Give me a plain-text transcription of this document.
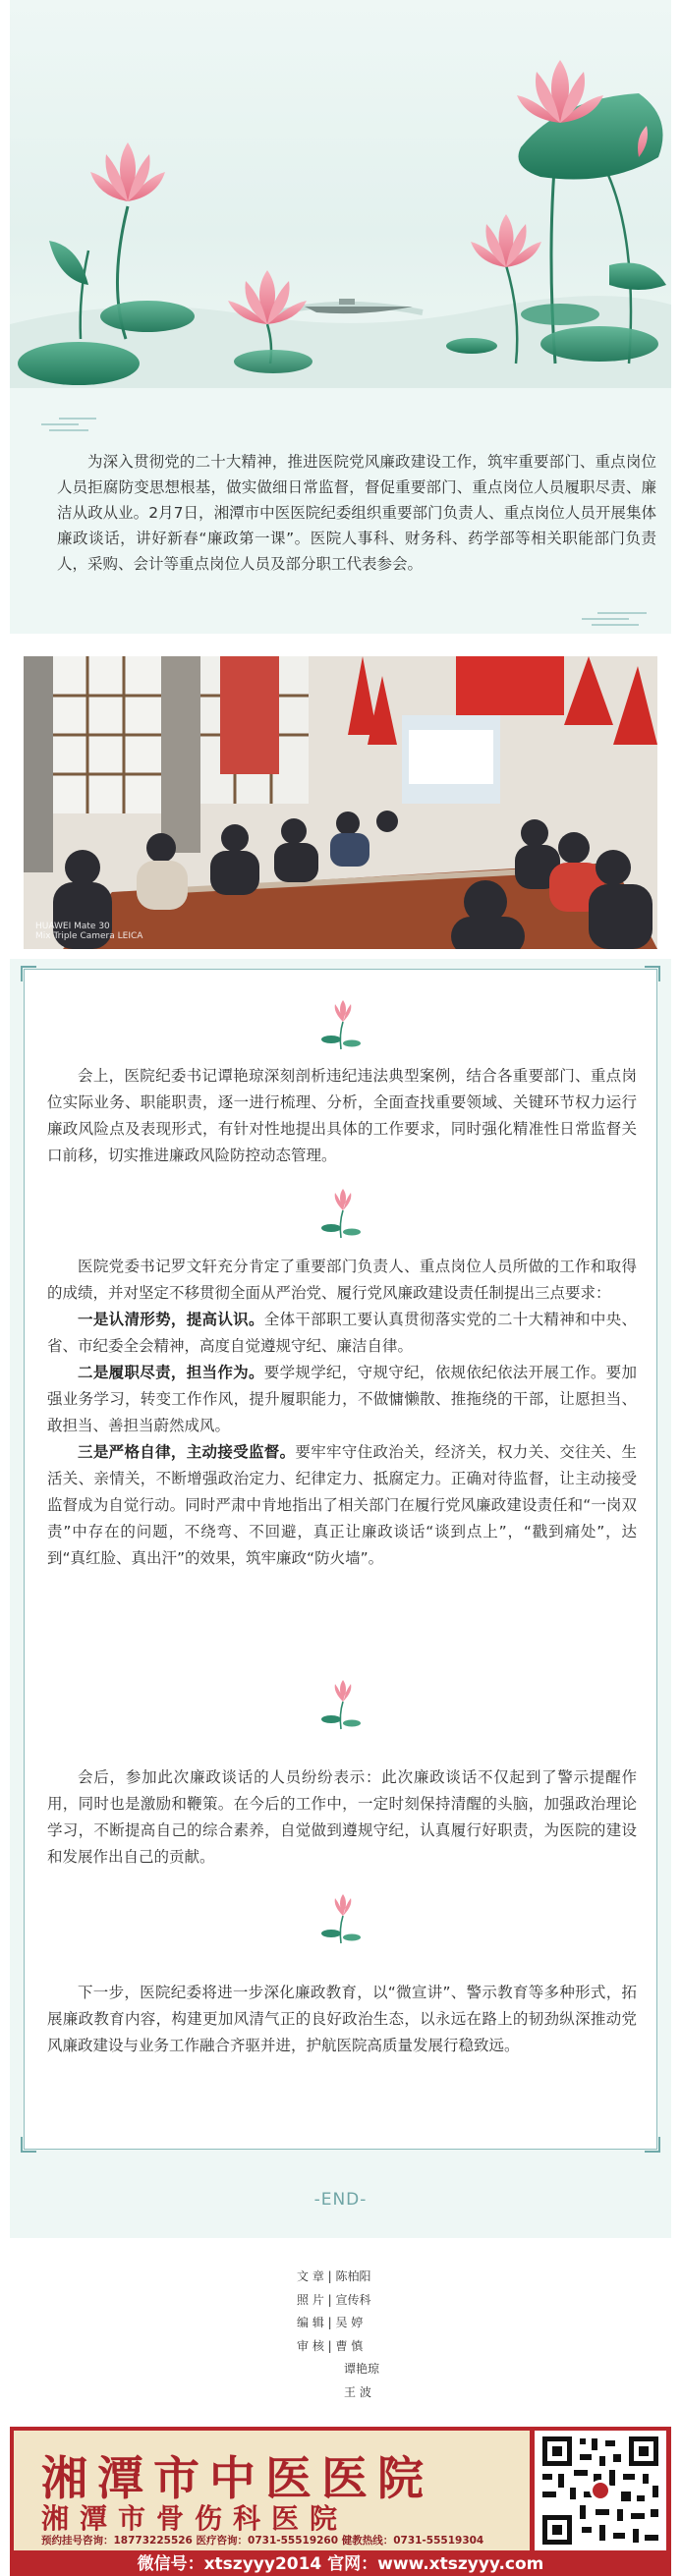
为深入贯彻党的二十大精神，推进医院党风廉政建设工作，筑牢重要部门、重点岗位人员拒腐防变思想根基，做实做细日常监督，督促重要部门、重点岗位人员履职尽责、廉洁从政从业。2月7日，湘潭市中医医院纪委组织重要部门负责人、重点岗位人员开展集体廉政谈话，讲好新春“廉政第一课”。医院人事科、财务科、药学部等相关职能部门负责人，采购、会计等重点岗位人员及部分职工代表参会。

HUAWEI Mate 30
Mix Triple Camera LEICA

会上，医院纪委书记谭艳琼深刻剖析违纪违法典型案例，结合各重要部门、重点岗位实际业务、职能职责，逐一进行梳理、分析，全面查找重要领域、关键环节权力运行廉政风险点及表现形式，有针对性地提出具体的工作要求，同时强化精准性日常监督关口前移，切实推进廉政风险防控动态管理。

医院党委书记罗文轩充分肯定了重要部门负责人、重点岗位人员所做的工作和取得的成绩，并对坚定不移贯彻全面从严治党、履行党风廉政建设责任制提出三点要求：

一是认清形势，提高认识。全体干部职工要认真贯彻落实党的二十大精神和中央、省、市纪委全会精神，高度自觉遵规守纪、廉洁自律。

二是履职尽责，担当作为。要学规学纪，守规守纪，依规依纪依法开展工作。要加强业务学习，转变工作作风，提升履职能力，不做慵懒散、推拖绕的干部，让愿担当、敢担当、善担当蔚然成风。

三是严格自律，主动接受监督。要牢牢守住政治关，经济关，权力关、交往关、生活关、亲情关，不断增强政治定力、纪律定力、抵腐定力。正确对待监督，让主动接受监督成为自觉行动。同时严肃中肯地指出了相关部门在履行党风廉政建设责任和“一岗双责”中存在的问题，不绕弯、不回避，真正让廉政谈话“谈到点上”，“戳到痛处”，达到“真红脸、真出汗”的效果，筑牢廉政“防火墙”。

会后，参加此次廉政谈话的人员纷纷表示：此次廉政谈话不仅起到了警示提醒作用，同时也是激励和鞭策。在今后的工作中，一定时刻保持清醒的头脑，加强政治理论学习，不断提高自己的综合素养，自觉做到遵规守纪，认真履行好职责，为医院的建设和发展作出自己的贡献。

下一步，医院纪委将进一步深化廉政教育，以“微宣讲”、警示教育等多种形式，拓展廉政教育内容，构建更加风清气正的良好政治生态，以永远在路上的韧劲纵深推动党风廉政建设与业务工作融合齐驱并进，护航医院高质量发展行稳致远。

-END-
文 章 | 陈柏阳
照 片 | 宣传科
编 辑 | 吴 婷
审 核 | 曹 慎
谭艳琼
王 波
湘潭市中医医院
湘潭市骨伤科医院
预约挂号咨询：18773225526 医疗咨询：0731-55519260 健教热线：0731-55519304
微信号：xtszyyy2014 官网：www.xtszyyy.com
